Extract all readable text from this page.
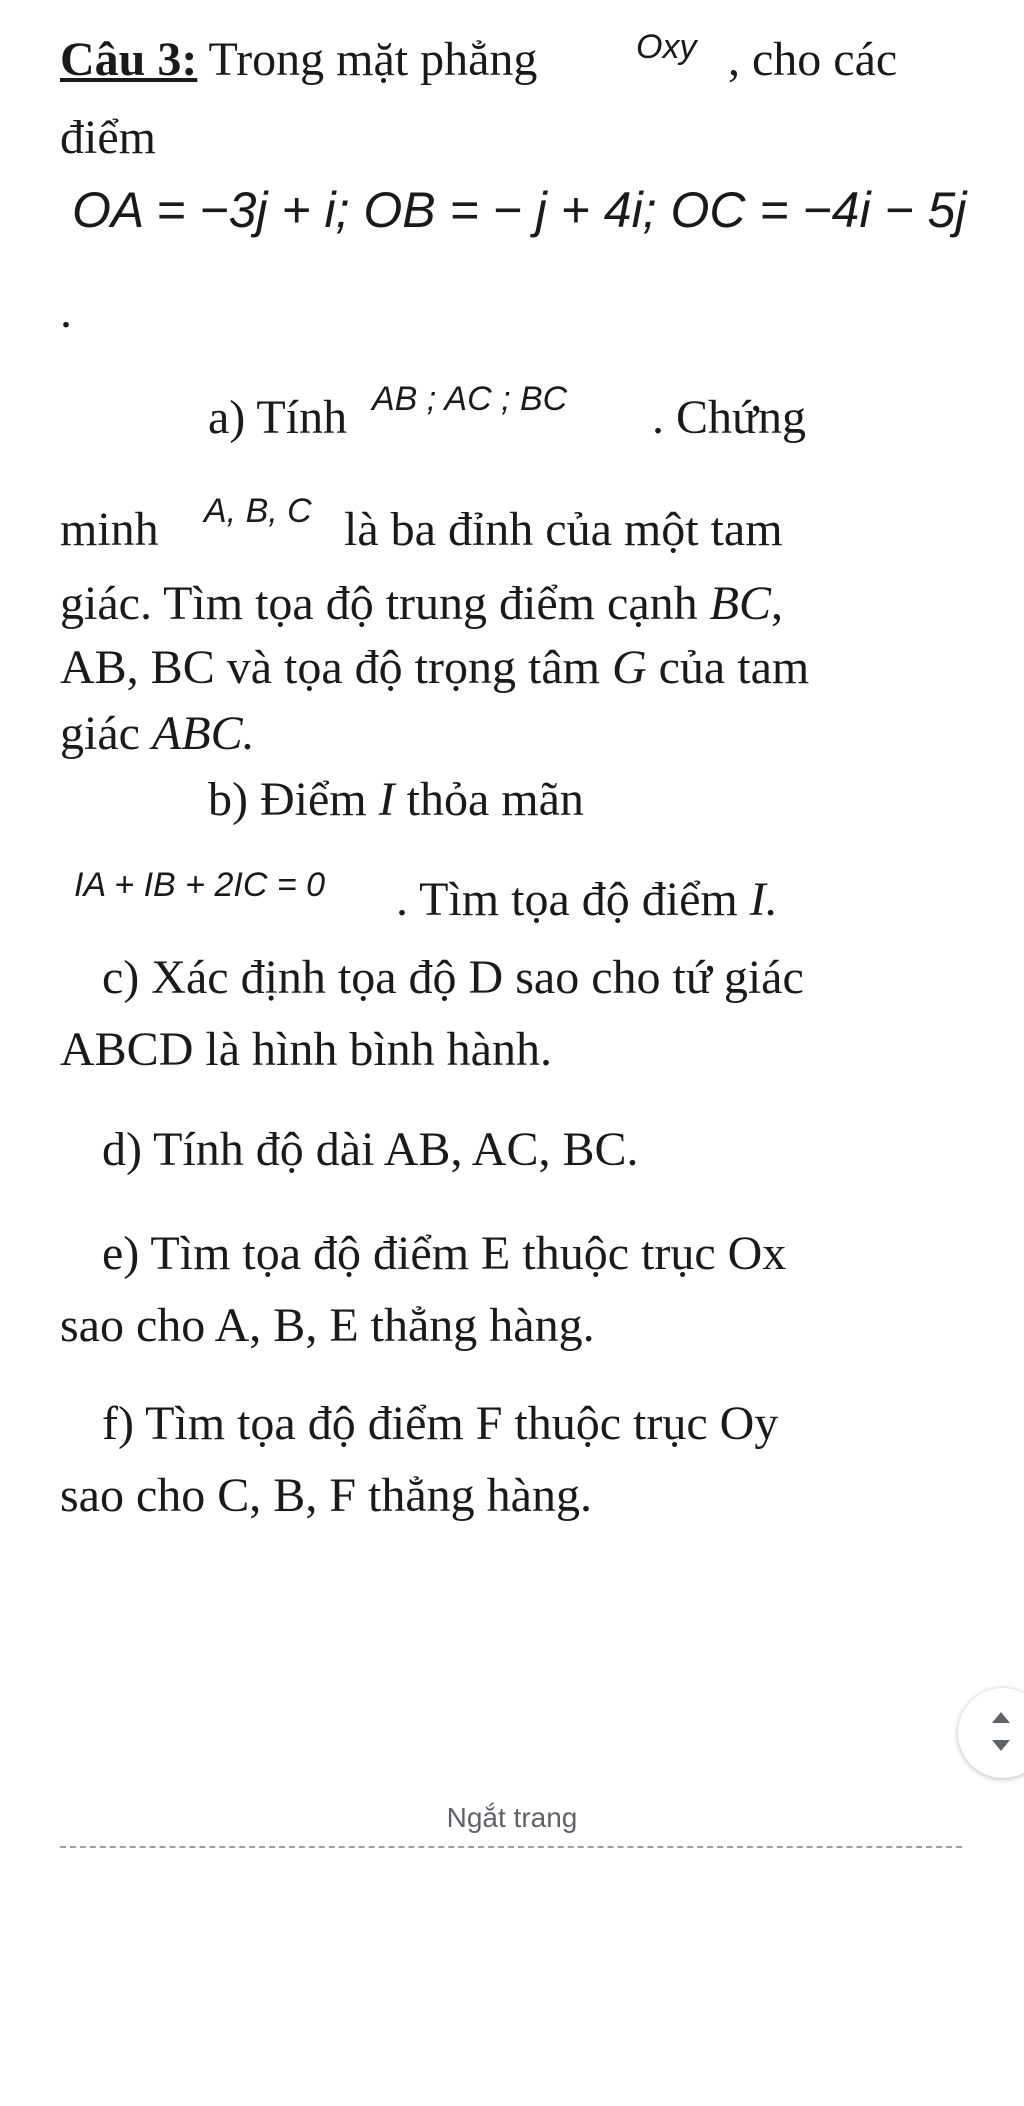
Câu 3: Trong mặt phẳng	Oxy , cho các
điểm
OA = −3j + i; OB = − j + 4i; OC = −4i − 5j
.
a) Tính AB ; AC ; BC . Chứng
minh A, B, C là ba đỉnh của một tam
giác. Tìm tọa độ trung điểm cạnh BC,
AB, BC và tọa độ trọng tâm G của tam
giác ABC.
b) Điểm I thỏa mãn
IA + IB + 2IC = 0 . Tìm tọa độ điểm I.
c) Xác định tọa độ D sao cho tứ giác
ABCD là hình bình hành.
d) Tính độ dài AB, AC, BC.
e) Tìm tọa độ điểm E thuộc trục Ox
sao cho A, B, E thẳng hàng.
f) Tìm tọa độ điểm F thuộc trục Oy
sao cho C, B, F thẳng hàng.
Ngắt trang
